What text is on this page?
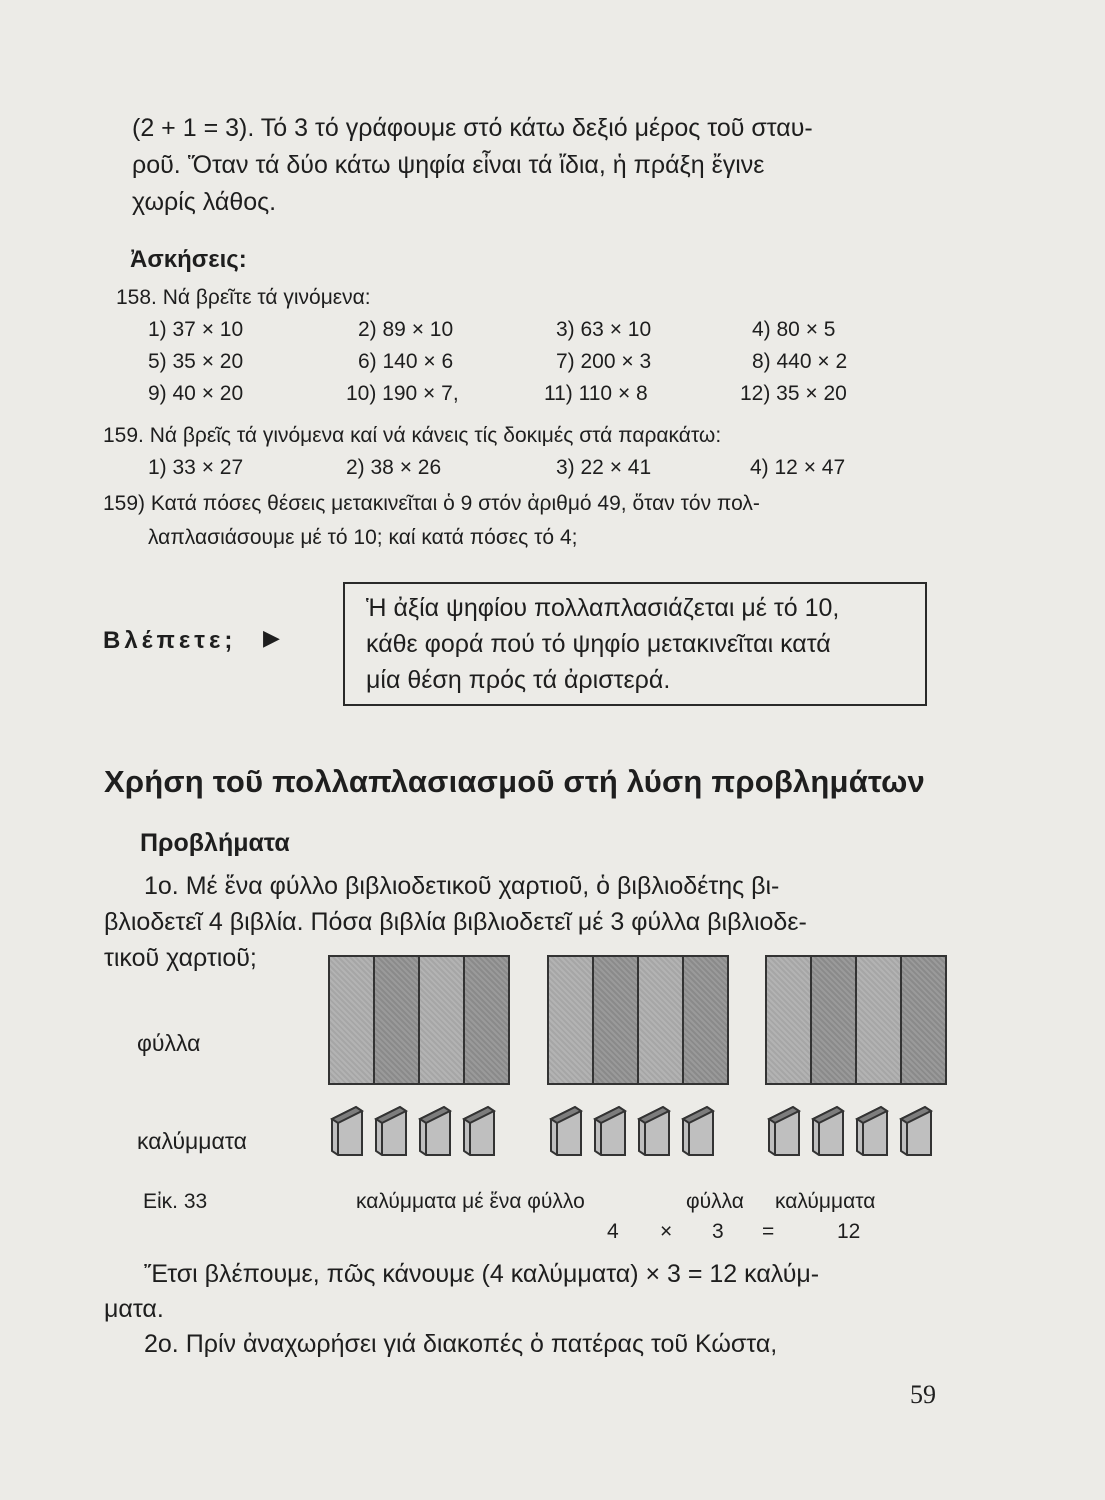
(2 + 1 = 3). Τό 3 τό γράφουμε στό κάτω δεξιό μέρος τοῦ σταυ-
ροῦ. Ὅταν τά δύο κάτω ψηφία εἶναι τά ἴδια, ἡ πράξη ἔγινε
χωρίς λάθος.
Ἀσκήσεις:
158. Νά βρεῖτε τά γινόμενα:
1) 37 × 10	2) 89 × 10	3) 63 × 10	4) 80 × 5
5) 35 × 20	6) 140 × 6	7) 200 × 3	8) 440 × 2
9) 40 × 20	10) 190 × 7,	11) 110 × 8	12) 35 × 20
159. Νά βρεῖς τά γινόμενα καί νά κάνεις τίς δοκιμές στά παρακάτω:
1) 33 × 27	2) 38 × 26	3) 22 × 41	4) 12 × 47
159) Κατά πόσες θέσεις μετακινεῖται ὁ 9 στόν ἀριθμό 49, ὅταν τόν πολ-
λαπλασιάσουμε μέ τό 10; καί κατά πόσες τό 4;
Βλέπετε; ▶
Ἡ ἀξία ψηφίου πολλαπλασιάζεται μέ τό 10,
κάθε φορά πού τό ψηφίο μετακινεῖται κατά
μία θέση πρός τά ἀριστερά.
Χρήση τοῦ πολλαπλασιασμοῦ στή λύση προβλημάτων
Προβλήματα
1ο. Μέ ἕνα φύλλο βιβλιοδετικοῦ χαρτιοῦ, ὁ βιβλιοδέτης βι-
βλιοδετεῖ 4 βιβλία. Πόσα βιβλία βιβλιοδετεῖ μέ 3 φύλλα βιβλιοδε-
τικοῦ χαρτιοῦ;
φύλλα
καλύμματα
Εἰκ. 33	καλύμματα μέ ἕνα φύλλο	φύλλα καλύμματα
4 × 3 =	12
Ἔτσι βλέπουμε, πῶς κάνουμε (4 καλύμματα) × 3 = 12 καλύμ-
ματα.
2ο. Πρίν ἀναχωρήσει γιά διακοπές ὁ πατέρας τοῦ Κώστα,
59
